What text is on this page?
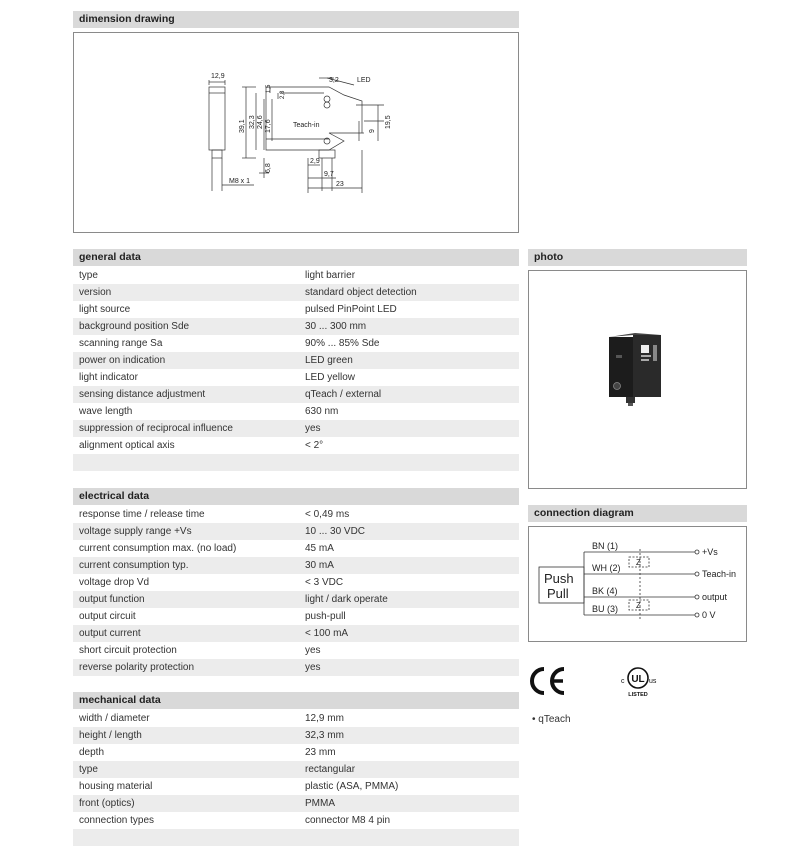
dimension drawing
12,9
3,2	LED
1,5
2,8
39,1 32,3 24,6 17,6	Teach-in
9
19,5
6,8
2,9
9,7
23
M8 x 1
general data
type	light barrier
version	standard object detection
light source	pulsed PinPoint LED
background position Sde	30 ... 300 mm
scanning range Sa	90% ... 85% Sde
power on indication	LED green
light indicator	LED yellow
sensing distance adjustment	qTeach / external
wave length	630 nm
suppression of reciprocal influence	yes
alignment optical axis	< 2°
electrical data
response time / release time	< 0,49 ms
voltage supply range +Vs	10 ... 30 VDC
current consumption max. (no load)	45 mA
current consumption typ.	30 mA
voltage drop Vd	< 3 VDC
output function	light / dark operate
output circuit	push-pull
output current	< 100 mA
short circuit protection	yes
reverse polarity protection	yes
mechanical data
width / diameter	12,9 mm
height / length	32,3 mm
depth	23 mm
type	rectangular
housing material	plastic (ASA, PMMA)
front (optics)	PMMA
connection types	connector M8 4 pin
photo
connection diagram
Push
Pull
BN (1)
WH (2)
BK (4)
BU (3)
Z
Z
+Vs
Teach-in
output
0 V
UL
c	us
LISTED
• qTeach
